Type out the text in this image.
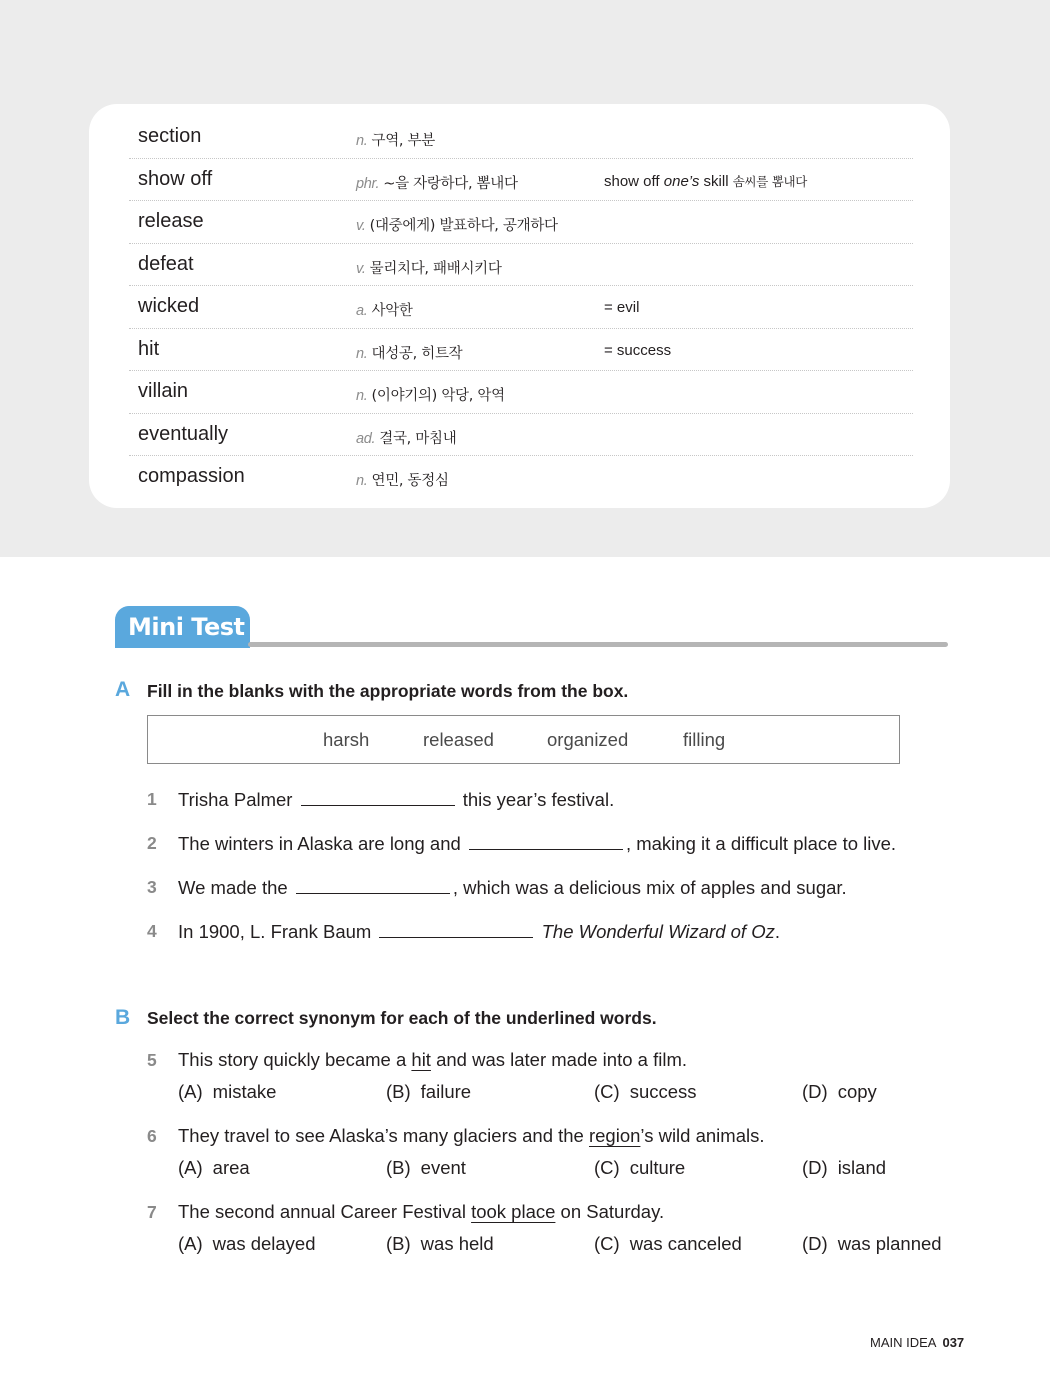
section	n. 구역, 부분
show off	phr. ~을 자랑하다, 뽐내다	show off one’s skill 솜씨를 뽐내다
release	v. (대중에게) 발표하다, 공개하다
defeat	v. 물리치다, 패배시키다
wicked	a. 사악한	= evil
hit	n. 대성공, 히트작	= success
villain	n. (이야기의) 악당, 악역
eventually	ad. 결국, 마침내
compassion	n. 연민, 동정심
Mini Test
A Fill in the blanks with the appropriate words from the box.
harsh	released	organized	filling
1 Trisha Palmer	this year’s festival.
2 The winters in Alaska are long and	, making it a difficult place to live.
3 We made the	, which was a delicious mix of apples and sugar.
4 In 1900, L. Frank Baum	The Wonderful Wizard of Oz.
B Select the correct synonym for each of the underlined words.
5 This story quickly became a hit and was later made into a film.
(A) mistake	(B) failure	(C) success	(D) copy
6 They travel to see Alaska’s many glaciers and the region’s wild animals.
(A) area	(B) event	(C) culture	(D) island
7 The second annual Career Festival took place on Saturday.
(A) was delayed	(B) was held	(C) was canceled	(D) was planned
MAIN IDEA 037
